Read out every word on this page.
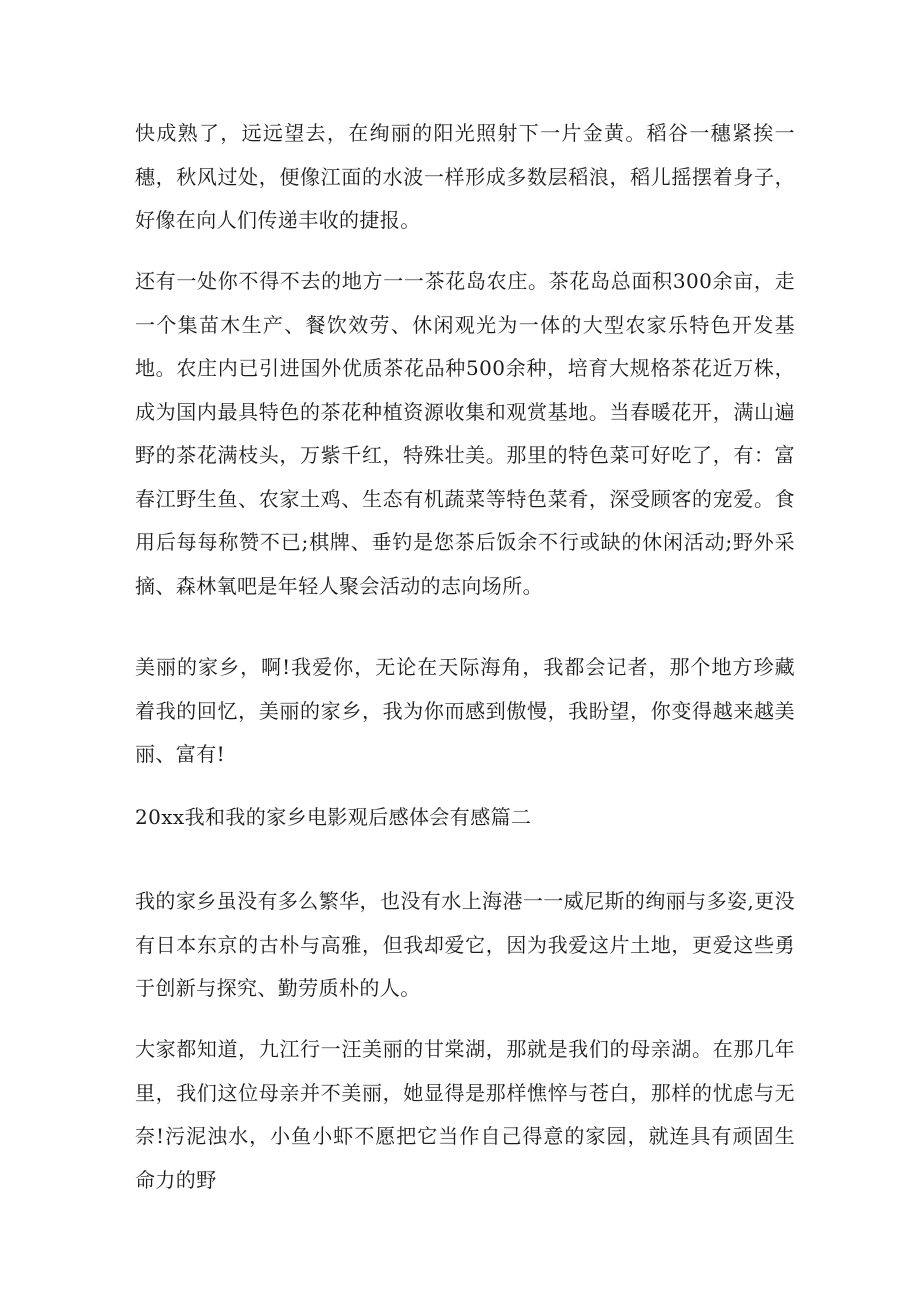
快成熟了，远远望去，在绚丽的阳光照射下一片金黄。稻谷一穗紧挨一穗，秋风过处，便像江面的水波一样形成多数层稻浪，稻儿摇摆着身子，好像在向人们传递丰收的捷报。

还有一处你不得不去的地方一一茶花岛农庄。茶花岛总面积300余亩，走一个集苗木生产、餐饮效劳、休闲观光为一体的大型农家乐特色开发基地。农庄内已引进国外优质茶花品种500余种，培育大规格茶花近万株，成为国内最具特色的茶花种植资源收集和观赏基地。当春暖花开，满山遍野的茶花满枝头，万紫千红，特殊壮美。那里的特色菜可好吃了，有：富春江野生鱼、农家土鸡、生态有机蔬菜等特色菜肴，深受顾客的宠爱。食用后每每称赞不已;棋牌、垂钓是您茶后饭余不行或缺的休闲活动;野外采摘、森林氧吧是年轻人聚会活动的志向场所。

美丽的家乡，啊!我爱你，无论在天际海角，我都会记者，那个地方珍藏着我的回忆，美丽的家乡，我为你而感到傲慢，我盼望，你变得越来越美丽、富有!

20xx我和我的家乡电影观后感体会有感篇二

我的家乡虽没有多么繁华，也没有水上海港一一威尼斯的绚丽与多姿,更没有日本东京的古朴与高雅，但我却爱它，因为我爱这片土地，更爱这些勇于创新与探究、勤劳质朴的人。

大家都知道，九江行一汪美丽的甘棠湖，那就是我们的母亲湖。在那几年里，我们这位母亲并不美丽，她显得是那样憔悴与苍白，那样的忧虑与无奈!污泥浊水，小鱼小虾不愿把它当作自己得意的家园，就连具有顽固生命力的野
